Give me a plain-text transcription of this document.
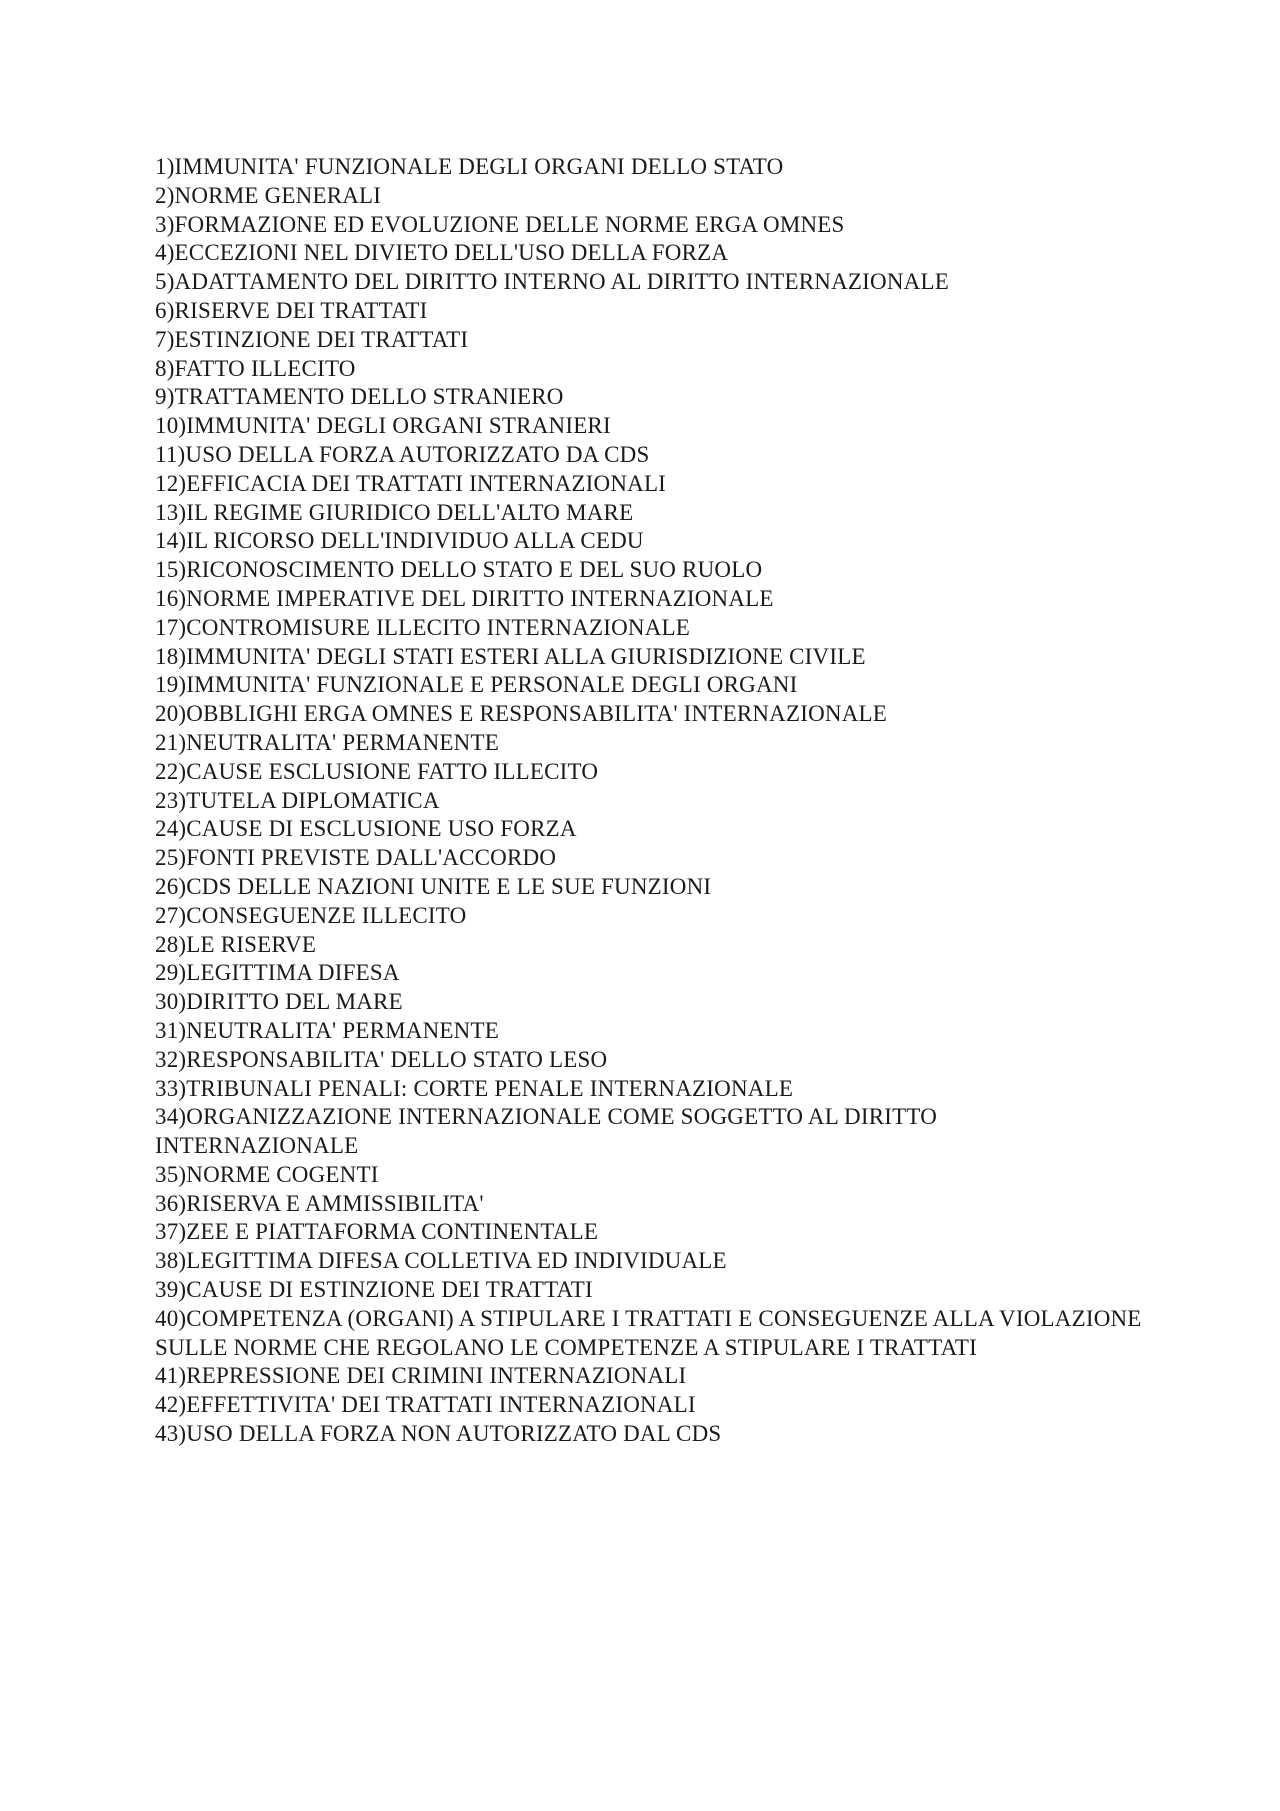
1)IMMUNITA' FUNZIONALE DEGLI ORGANI DELLO STATO
2)NORME GENERALI
3)FORMAZIONE ED EVOLUZIONE DELLE NORME ERGA OMNES
4)ECCEZIONI NEL DIVIETO DELL'USO DELLA FORZA
5)ADATTAMENTO DEL DIRITTO INTERNO AL DIRITTO INTERNAZIONALE
6)RISERVE DEI TRATTATI
7)ESTINZIONE DEI TRATTATI
8)FATTO ILLECITO
9)TRATTAMENTO DELLO STRANIERO
10)IMMUNITA' DEGLI ORGANI STRANIERI
11)USO DELLA FORZA AUTORIZZATO DA CDS
12)EFFICACIA DEI TRATTATI INTERNAZIONALI
13)IL REGIME GIURIDICO DELL'ALTO MARE
14)IL RICORSO DELL'INDIVIDUO ALLA CEDU
15)RICONOSCIMENTO DELLO STATO E DEL SUO RUOLO
16)NORME IMPERATIVE DEL DIRITTO INTERNAZIONALE
17)CONTROMISURE ILLECITO INTERNAZIONALE
18)IMMUNITA' DEGLI STATI ESTERI ALLA GIURISDIZIONE CIVILE
19)IMMUNITA' FUNZIONALE E PERSONALE DEGLI ORGANI
20)OBBLIGHI ERGA OMNES E RESPONSABILITA' INTERNAZIONALE
21)NEUTRALITA' PERMANENTE
22)CAUSE ESCLUSIONE FATTO ILLECITO
23)TUTELA DIPLOMATICA
24)CAUSE DI ESCLUSIONE USO FORZA
25)FONTI PREVISTE DALL'ACCORDO
26)CDS DELLE NAZIONI UNITE E LE SUE FUNZIONI
27)CONSEGUENZE ILLECITO
28)LE RISERVE
29)LEGITTIMA DIFESA
30)DIRITTO DEL MARE
31)NEUTRALITA' PERMANENTE
32)RESPONSABILITA' DELLO STATO LESO
33)TRIBUNALI PENALI: CORTE PENALE INTERNAZIONALE
34)ORGANIZZAZIONE INTERNAZIONALE COME SOGGETTO AL DIRITTO INTERNAZIONALE
35)NORME COGENTI
36)RISERVA E AMMISSIBILITA'
37)ZEE E PIATTAFORMA CONTINENTALE
38)LEGITTIMA DIFESA COLLETIVA ED INDIVIDUALE
39)CAUSE DI ESTINZIONE DEI TRATTATI
40)COMPETENZA (ORGANI) A STIPULARE I TRATTATI E CONSEGUENZE ALLA VIOLAZIONE SULLE NORME CHE REGOLANO LE COMPETENZE A STIPULARE I TRATTATI
41)REPRESSIONE DEI CRIMINI INTERNAZIONALI
42)EFFETTIVITA' DEI TRATTATI INTERNAZIONALI
43)USO DELLA FORZA NON AUTORIZZATO DAL CDS
